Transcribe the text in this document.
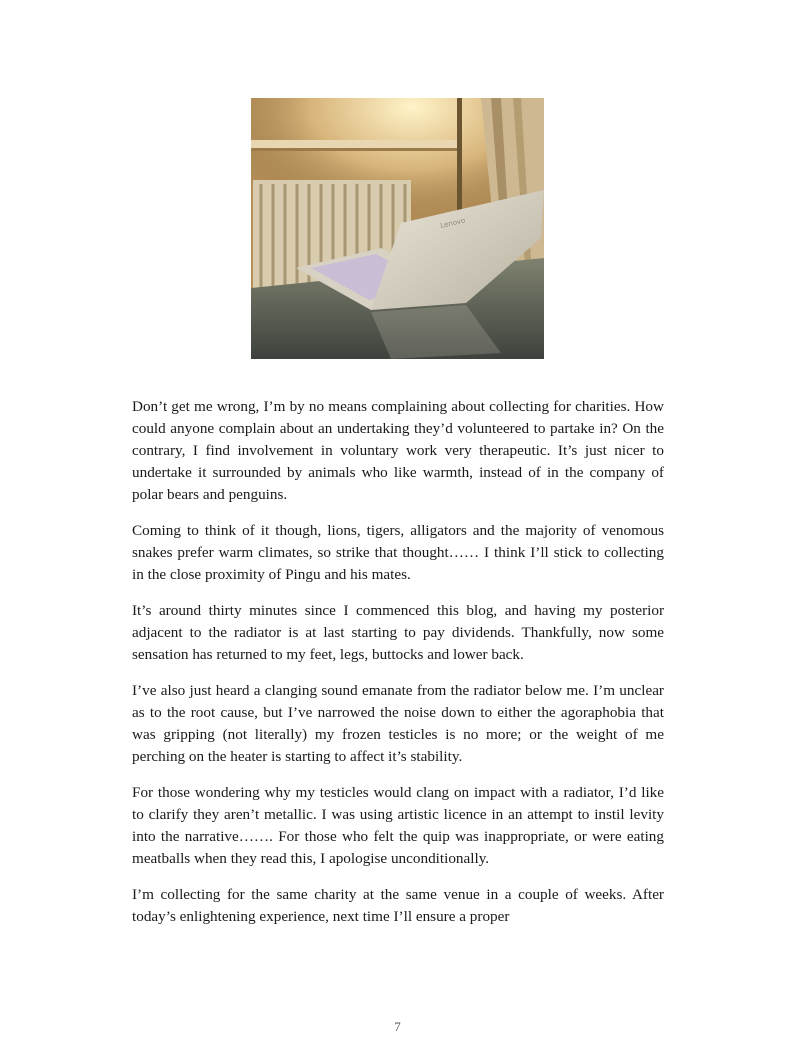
Lenovo

Don’t get me wrong, I’m by no means complaining about collecting for charities. How could anyone complain about an undertaking they’d volunteered to partake in? On the contrary, I find involvement in voluntary work very therapeutic. It’s just nicer to undertake it surrounded by animals who like warmth, instead of in the company of polar bears and penguins.

Coming to think of it though, lions, tigers, alligators and the majority of venomous snakes prefer warm climates, so strike that thought…… I think I’ll stick to collecting in the close proximity of Pingu and his mates.

It’s around thirty minutes since I commenced this blog, and having my posterior adjacent to the radiator is at last starting to pay dividends. Thankfully, now some sensation has returned to my feet, legs, buttocks and lower back.

I’ve also just heard a clanging sound emanate from the radiator below me. I’m unclear as to the root cause, but I’ve narrowed the noise down to either the agoraphobia that was gripping (not literally) my frozen testicles is no more; or the weight of me perching on the heater is starting to affect it’s stability.

For those wondering why my testicles would clang on impact with a radiator, I’d like to clarify they aren’t metallic. I was using artistic licence in an attempt to instil levity into the narrative……. For those who felt the quip was inappropriate, or were eating meatballs when they read this, I apologise unconditionally.

I’m collecting for the same charity at the same venue in a couple of weeks. After today’s enlightening experience, next time I’ll ensure a proper

7
